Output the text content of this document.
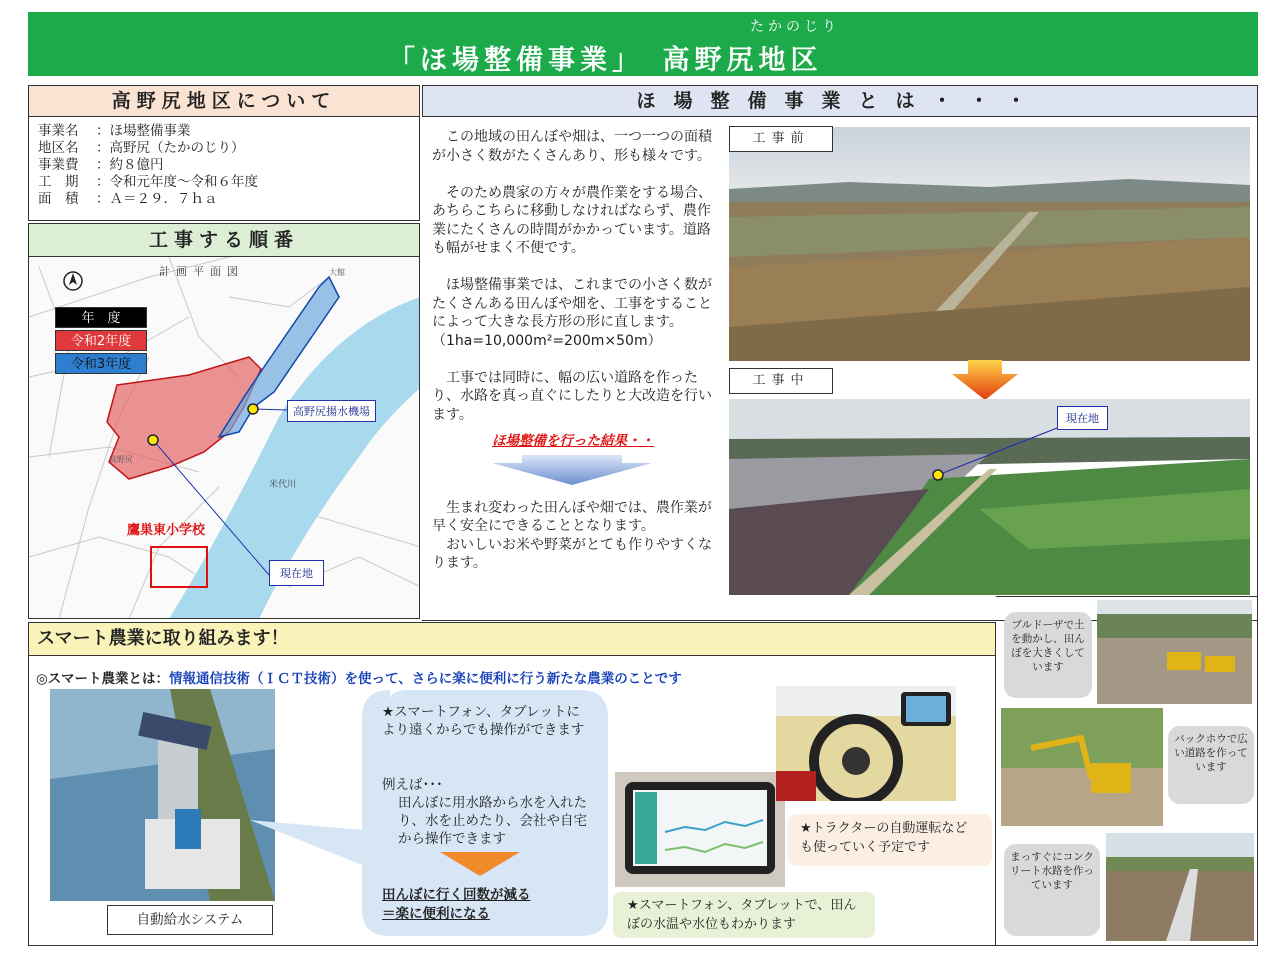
たかのじり
「ほ場整備事業」　高野尻地区
高野尻地区について
事業名	：ほ場整備事業
地区名	：高野尻（たかのじり）
事業費	：約８億円
工　期	：令和元年度～令和６年度
面　積	：Ａ＝２９．７ｈａ
工事する順番
大館
高野尻
米代川
計画平面図
年　度
令和2年度
令和3年度
高野尻揚水機場
鷹巣東小学校
現在地
ほ場整備事業とは・・・

この地域の田んぼや畑は、一つ一つの面積が小さく数がたくさんあり、形も様々です。

そのため農家の方々が農作業をする場合、あちらこちらに移動しなければならず、農作業にたくさんの時間がかかっています。道路も幅がせまく不便です。

ほ場整備事業では、これまでの小さく数がたくさんある田んぼや畑を、工事をすることによって大きな長方形の形に直します。（1ha=10,000m²=200m×50m）

工事では同時に、幅の広い道路を作ったり、水路を真っ直ぐにしたりと大改造を行います。

ほ場整備を行った結果・・

生まれ変わった田んぼや畑では、農作業が早く安全にできることとなります。

おいしいお米や野菜がとても作りやすくなります。

工事前
工事中
現在地
スマート農業に取り組みます！
◎スマート農業とは：情報通信技術（ＩＣＴ技術）を使って、さらに楽に便利に行う新たな農業のことです
自動給水システム
★スマートフォン、タブレットにより遠くからでも操作ができます
例えば･･･
田んぼに用水路から水を入れたり、水を止めたり、会社や自宅から操作できます
田んぼに行く回数が減る
＝楽に便利になる
★スマートフォン、タブレットで、田んぼの水温や水位もわかります
★トラクターの自動運転なども使っていく予定です
ブルドーザで土を動かし、田んぼを大きくしています
バックホウで広い道路を作っています
まっすぐにコンクリート水路を作っています
